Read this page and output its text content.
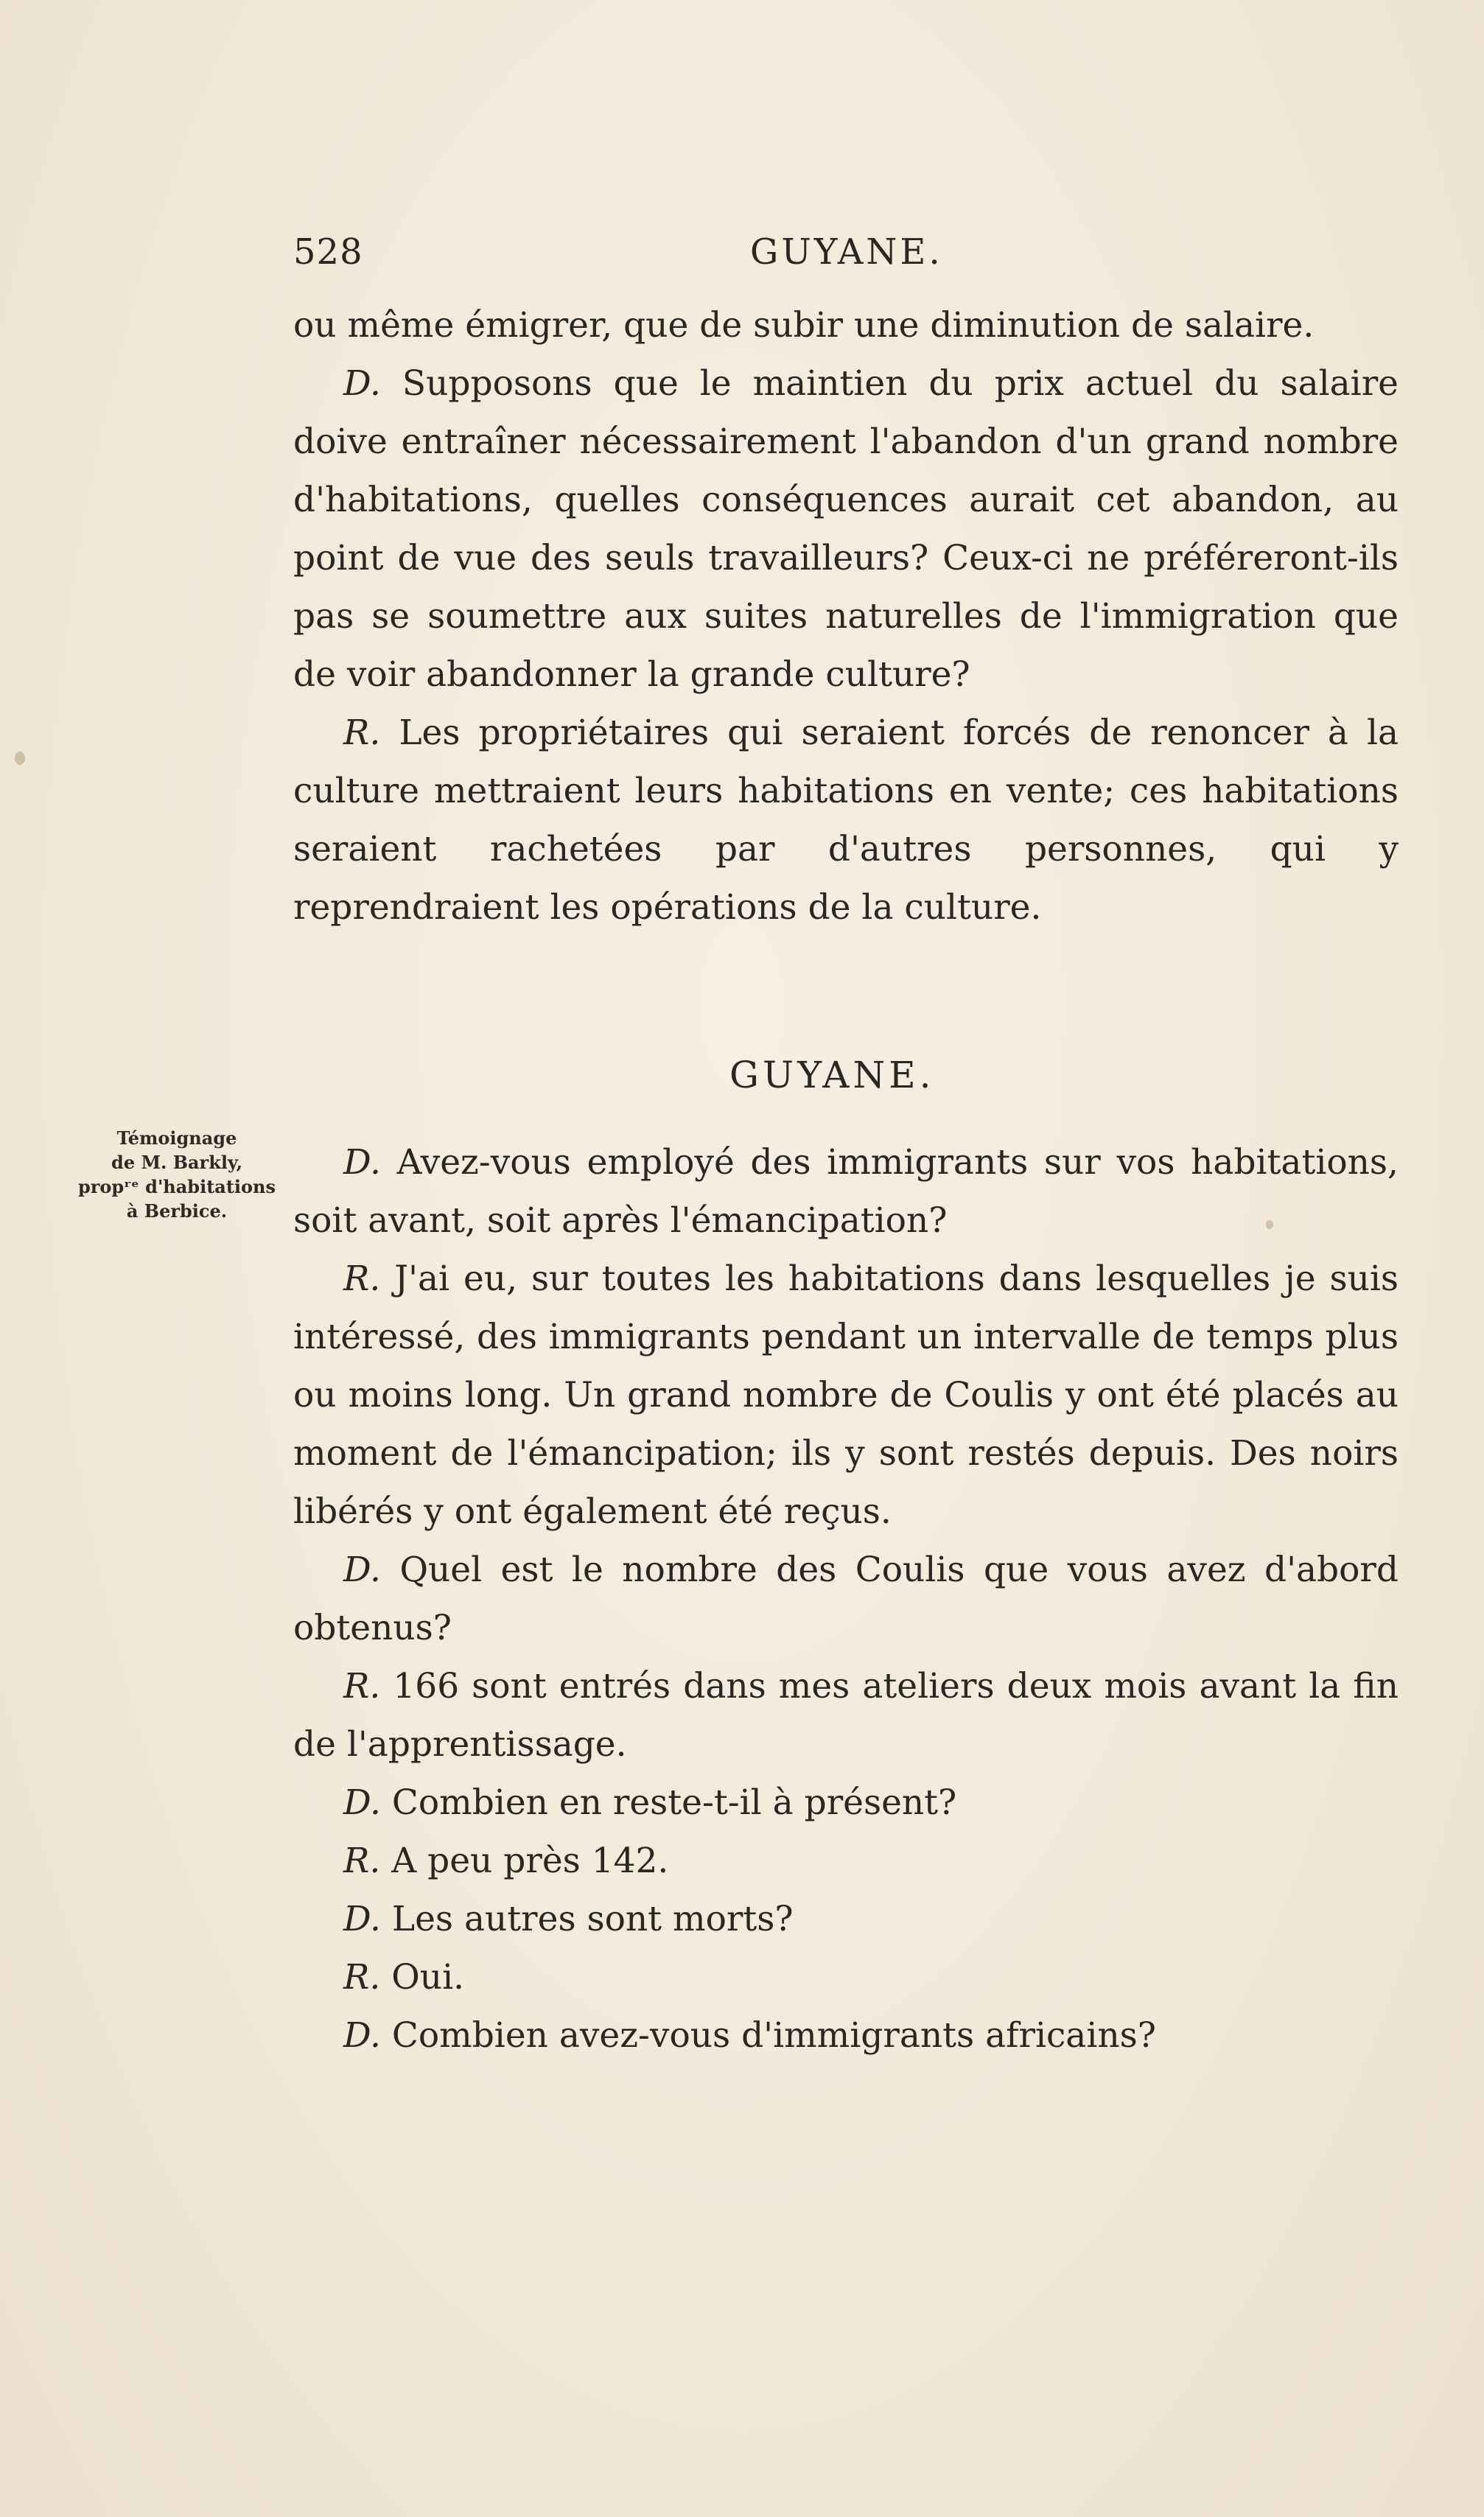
528	GUYANE.

ou même émigrer, que de subir une diminution de salaire.

D. Supposons que le maintien du prix actuel du salaire doive entraîner nécessairement l'abandon d'un grand nombre d'habitations, quelles conséquences aurait cet abandon, au point de vue des seuls travailleurs? Ceux-ci ne préféreront-ils pas se soumettre aux suites naturelles de l'immigration que de voir abandonner la grande culture?

R. Les propriétaires qui seraient forcés de renoncer à la culture mettraient leurs habitations en vente; ces habitations seraient rachetées par d'autres personnes, qui y reprendraient les opérations de la culture.

GUYANE.
Témoignage
de M. Barkly,
propʳᵉ d'habitations
à Berbice.

D. Avez-vous employé des immigrants sur vos habitations, soit avant, soit après l'émancipation?

R. J'ai eu, sur toutes les habitations dans lesquelles je suis intéressé, des immigrants pendant un intervalle de temps plus ou moins long. Un grand nombre de Coulis y ont été placés au moment de l'émancipation; ils y sont restés depuis. Des noirs libérés y ont également été reçus.

D. Quel est le nombre des Coulis que vous avez d'abord obtenus?

R. 166 sont entrés dans mes ateliers deux mois avant la fin de l'apprentissage.

D. Combien en reste-t-il à présent?

R. A peu près 142.

D. Les autres sont morts?

R. Oui.

D. Combien avez-vous d'immigrants africains?
